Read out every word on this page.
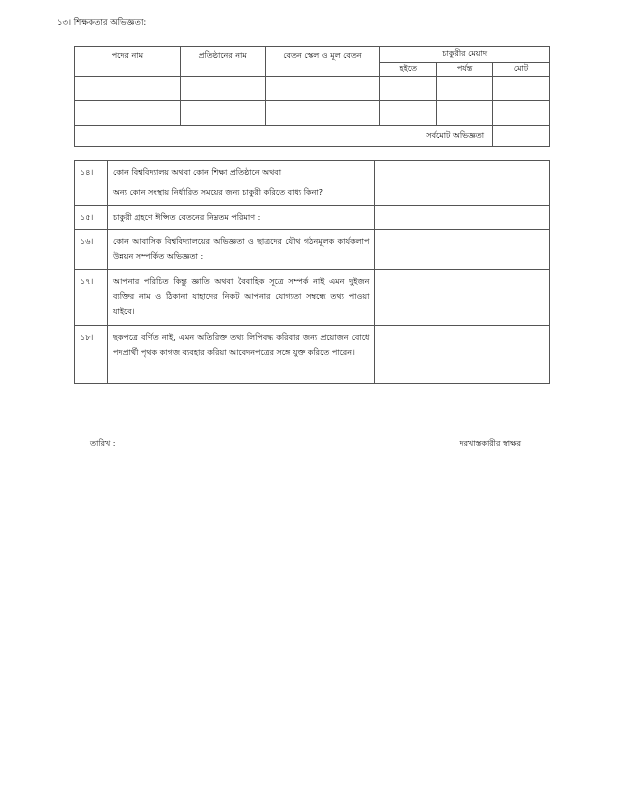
১৩। শিক্ষকতার অভিজ্ঞতা:
পদের নাম	প্রতিষ্ঠানের নাম	বেতন স্কেল ও মূল বেতন	চাকুরীর মেয়াদ		
			হইতে	পর্যন্ত	মোট

সর্বমোট অভিজ্ঞতা					
১৪।	কোন বিশ্ববিদ্যালয় অথবা কোন শিক্ষা প্রতিষ্ঠানে অথবা
অন্য কোন সংস্থায় নির্ধারিত সময়ের জন্য চাকুরী করিতে বাধ্য কিনা?	

১৫।	চাকুরী গ্রহণে ঈপ্সিত বেতনের নিম্নতম পরিমাণ :	
১৬।	কোন আবাসিক বিশ্ববিদ্যালয়ের অভিজ্ঞতা ও ছাত্রদের যৌথ গঠনমূলক কার্যকলাপ উন্নয়ন সম্পর্কিত অভিজ্ঞতা :	
১৭।	আপনার পরিচিত কিন্তু জ্ঞাতি অথবা বৈবাহিক সূত্রে সম্পর্ক নাই এমন দুইজন ব্যক্তির নাম ও ঠিকানা যাহাদের নিকট আপনার যোগ্যতা সম্বন্ধে তথ্য পাওয়া যাইবে।	
১৮।	ছকপত্রে বর্ণিত নাই, এমন অতিরিক্ত তথ্য লিপিবদ্ধ করিবার জন্য প্রয়োজন বোধে পদপ্রার্থী পৃথক কাগজ ব্যবহার করিয়া আবেদনপত্রের সঙ্গে যুক্ত করিতে পারেন।	
তারিখ :	দরখাস্তকারীর স্বাক্ষর
